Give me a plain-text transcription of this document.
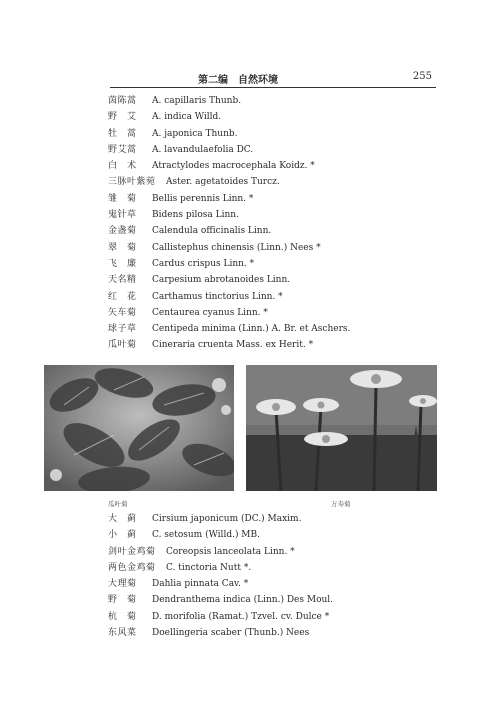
第二编　自然环境	255
茵陈蒿 A. capillaris Thunb.
野　艾 A. indica Willd.
牡　蒿 A. japonica Thunb.
野艾蒿 A. lavandulaefolia DC.
白　术 Atractylodes macrocephala Koidz. *
三脉叶紫菀 Aster. agetatoides Turcz.
雏　菊 Bellis perennis Linn. *
鬼针草 Bidens pilosa Linn.
金盏菊 Calendula officinalis Linn.
翠　菊 Callistephus chinensis (Linn.) Nees *
飞　廉 Cardus crispus Linn. *
天名精 Carpesium abrotanoides Linn.
红　花 Carthamus tinctorius Linn. *
矢车菊 Centaurea cyanus Linn. *
球子草 Centipeda minima (Linn.) A. Br. et Aschers.
瓜叶菊 Cineraria cruenta Mass. ex Herit. *
瓜叶菊	万寿菊
大　蓟 Cirsium japonicum (DC.) Maxim.
小　蓟 C. setosum (Willd.) MB.
剑叶金鸡菊 Coreopsis lanceolata Linn. *
两色金鸡菊 C. tinctoria Nutt *.
大理菊 Dahlia pinnata Cav. *
野　菊 Dendranthema indica (Linn.) Des Moul.
杭　菊 D. morifolia (Ramat.) Tzvel. cv. Dulce *
东风菜 Doellingeria scaber (Thunb.) Nees
